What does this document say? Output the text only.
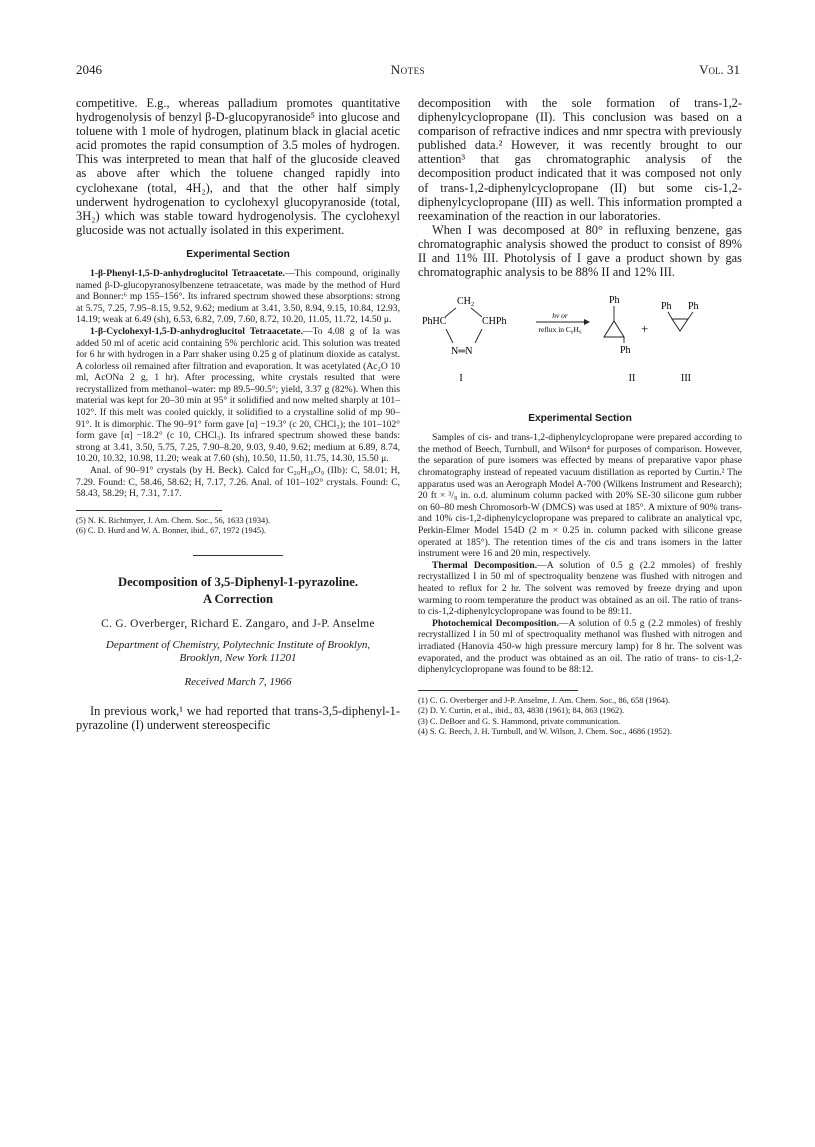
2046	Notes	Vol. 31

competitive. E.g., whereas palladium promotes quantitative hydrogenolysis of benzyl β-D-glucopyranoside⁵ into glucose and toluene with 1 mole of hydrogen, platinum black in glacial acetic acid promotes the rapid consumption of 3.5 moles of hydrogen. This was interpreted to mean that half of the glucoside cleaved as above after which the toluene changed rapidly into cyclohexane (total, 4H₂), and that the other half simply underwent hydrogenation to cyclohexyl glucopyranoside (total, 3H₂) which was stable toward hydrogenolysis. The cyclohexyl glucoside was not actually isolated in this experiment.

Experimental Section

1-β-Phenyl-1,5-D-anhydroglucitol Tetraacetate.—This compound, originally named β-D-glucopyranosylbenzene tetraacetate, was made by the method of Hurd and Bonner:⁶ mp 155–156°. Its infrared spectrum showed these absorptions: strong at 5.75, 7.25, 7.95–8.15, 9.52, 9.62; medium at 3.41, 3.50, 8.94, 9.15, 10.84, 12.93, 14.19; weak at 6.49 (sh), 6.53, 6.82, 7.09, 7.60, 8.72, 10.20, 11.05, 11.72, 14.50 μ.

1-β-Cyclohexyl-1,5-D-anhydroglucitol Tetraacetate.—To 4.08 g of Ia was added 50 ml of acetic acid containing 5% perchloric acid. This solution was treated for 6 hr with hydrogen in a Parr shaker using 0.25 g of platinum dioxide as catalyst. A colorless oil remained after filtration and evaporation. It was acetylated (Ac₂O 10 ml, AcONa 2 g, 1 hr). After processing, white crystals resulted that were recrystallized from methanol–water: mp 89.5–90.5°; yield, 3.37 g (82%). When this material was kept for 20–30 min at 95° it solidified and now melted sharply at 101–102°. If this melt was cooled quickly, it solidified to a crystalline solid of mp 90–91°. It is dimorphic. The 90–91° form gave [α] −19.3° (c 20, CHCl₃); the 101–102° form gave [α] −18.2° (c 10, CHCl₃). Its infrared spectrum showed these bands: strong at 3.41, 3.50, 5.75, 7.25, 7.90–8.20, 9.03, 9.40, 9.62; medium at 6.89, 8.74, 10.20, 10.32, 10.98, 11.20; weak at 7.60 (sh), 10.50, 11.50, 11.75, 14.30, 15.50 μ.

Anal. of 90–91° crystals (by H. Beck). Calcd for C₂₀H₃₀O₉ (IIb): C, 58.01; H, 7.29. Found: C, 58.46, 58.62; H, 7.17, 7.26. Anal. of 101–102° crystals. Found: C, 58.43, 58.29; H, 7.31, 7.17.

(5) N. K. Richtmyer, J. Am. Chem. Soc., 56, 1633 (1934).

(6) C. D. Hurd and W. A. Bonner, ibid., 67, 1972 (1945).

Decomposition of 3,5-Diphenyl-1-pyrazoline.
A Correction
C. G. Overberger, Richard E. Zangaro, and J-P. Anselme
Department of Chemistry, Polytechnic Institute of Brooklyn,
Brooklyn, New York 11201
Received March 7, 1966

In previous work,¹ we had reported that trans-3,5-diphenyl-1-pyrazoline (I) underwent stereospecific

decomposition with the sole formation of trans-1,2-diphenylcyclopropane (II). This conclusion was based on a comparison of refractive indices and nmr spectra with previously published data.² However, it was recently brought to our attention³ that gas chromatographic analysis of the decomposition product indicated that it was composed not only of trans-1,2-diphenylcyclopropane (II) but some cis-1,2-diphenylcyclopropane (III) as well. This information prompted a reexamination of the reaction in our laboratories.

When I was decomposed at 80° in refluxing benzene, gas chromatographic analysis showed the product to consist of 89% II and 11% III. Photolysis of I gave a product shown by gas chromatographic analysis to be 88% II and 12% III.

CH₂
PhHC	CHPh
N═N
I
hν or
reflux in C₆H₆
Ph
Ph
+
II
Ph Ph
III
Experimental Section

Samples of cis- and trans-1,2-diphenylcyclopropane were prepared according to the method of Beech, Turnbull, and Wilson⁴ for purposes of comparison. However, the separation of pure isomers was effected by means of preparative vapor phase chromatography instead of repeated vacuum distillation as reported by Curtin.² The apparatus used was an Aerograph Model A-700 (Wilkens Instrument and Research); 20 ft × ³/₈ in. o.d. aluminum column packed with 20% SE-30 silicone gum rubber on 60–80 mesh Chromosorb-W (DMCS) was used at 185°. A mixture of 90% trans- and 10% cis-1,2-diphenylcyclopropane was prepared to calibrate an analytical vpc, Perkin-Elmer Model 154D (2 m × 0.25 in. column packed with silicone grease operated at 185°). The retention times of the cis and trans isomers in the latter instrument were 16 and 20 min, respectively.

Thermal Decomposition.—A solution of 0.5 g (2.2 mmoles) of freshly recrystallized I in 50 ml of spectroquality benzene was flushed with nitrogen and heated to reflux for 2 hr. The solvent was removed by freeze drying and upon warming to room temperature the product was obtained as an oil. The ratio of trans- to cis-1,2-diphenylcyclopropane was found to be 89:11.

Photochemical Decomposition.—A solution of 0.5 g (2.2 mmoles) of freshly recrystallized I in 50 ml of spectroquality methanol was flushed with nitrogen and irradiated (Hanovia 450-w high pressure mercury lamp) for 8 hr. The solvent was evaporated, and the product was obtained as an oil. The ratio of trans- to cis-1,2-diphenylcyclopropane was found to be 88:12.

(1) C. G. Overberger and J-P. Anselme, J. Am. Chem. Soc., 86, 658 (1964).

(2) D. Y. Curtin, et al., ibid., 83, 4838 (1961); 84, 863 (1962).

(3) C. DeBoer and G. S. Hammond, private communication.

(4) S. G. Beech, J. H. Turnbull, and W. Wilson, J. Chem. Soc., 4686 (1952).
